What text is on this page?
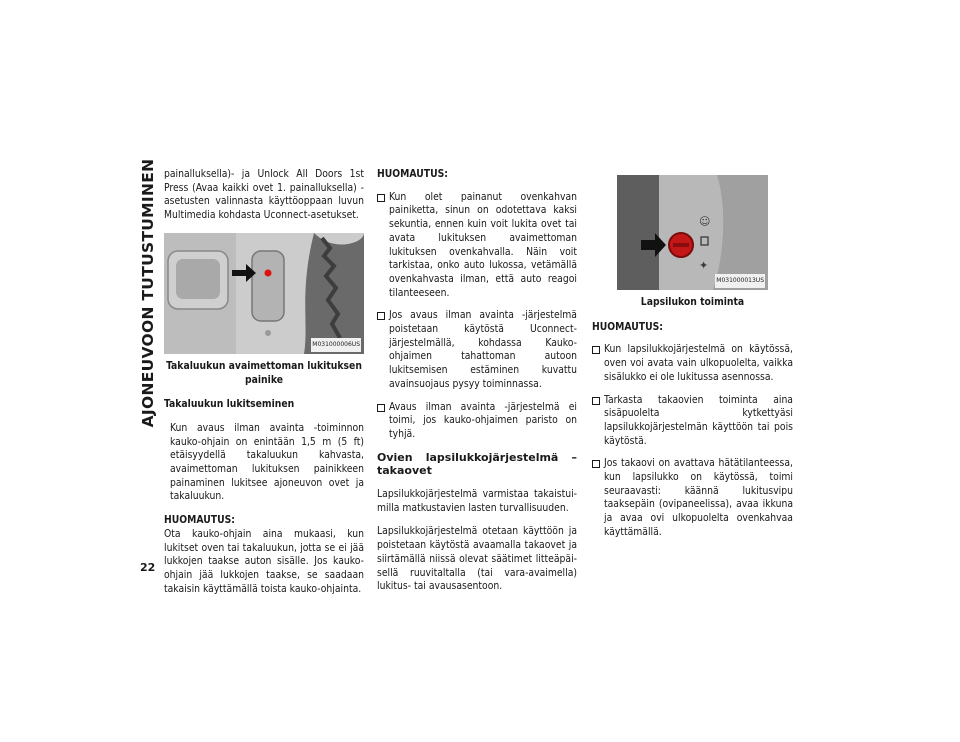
AJONEUVOON TUTUSTUMINEN
22

painalluksella)- ja Unlock All Doors 1st Press (Avaa kaikki ovet 1. painalluksella) -asetusten valinnasta käyttöoppaan luvun Multimedia kohdasta Uconnect-asetukset.

M031000006US

Takaluukun avaimettoman lukituksen painike

Takaluukun lukitseminen

Kun avaus ilman avainta -toiminnon kauko-ohjain on enintään 1,5 m (5 ft) etäisyydellä takaluukun kahvasta, avaimettoman lukituksen painikkeen painaminen lukitsee ajoneuvon ovet ja takaluukun.

HUOMAUTUS:

Ota kauko-ohjain aina mukaasi, kun lukitset oven tai takaluukun, jotta se ei jää lukkojen taakse auton sisälle. Jos kauko-ohjain jää lukkojen taakse, se saadaan takaisin käyttämällä toista kauko-ohjainta.

HUOMAUTUS:

Kun olet painanut ovenkahvan painiketta, sinun on odotettava kaksi sekuntia, ennen kuin voit lukita ovet tai avata lukituksen avaimettoman lukituksen ovenkahvalla. Näin voit tarkistaa, onko auto lukossa, vetämällä ovenkahvasta ilman, että auto reagoi tilanteeseen.
Jos avaus ilman avainta -järjestelmä poistetaan käytöstä Uconnect-järjestelmällä, kohdassa Kauko-ohjaimen tahattoman autoon lukitsemisen estäminen kuvattu avainsuojaus pysyy toiminnassa.
Avaus ilman avainta -järjestelmä ei toimi, jos kauko-ohjaimen paristo on tyhjä.

Ovien lapsilukkojärjestelmä – takaovet

Lapsilukkojärjestelmä varmistaa takaistuimilla matkustavien lasten turvallisuuden.

Lapsilukkojärjestelmä otetaan käyttöön ja poistetaan käytöstä avaamalla takaovet ja siirtämällä niissä olevat säätimet litteäpäisellä ruuvitaltalla (tai vara-avaimella) lukitus- tai avausasentoon.

☺
✦
M031000013US

Lapsilukon toiminta

HUOMAUTUS:

Kun lapsilukkojärjestelmä on käytössä, oven voi avata vain ulkopuolelta, vaikka sisälukko ei ole lukitussa asennossa.
Tarkasta takaovien toiminta aina sisäpuolelta kytkettyäsi lapsilukkojärjestelmän käyttöön tai pois käytöstä.
Jos takaovi on avattava hätätilanteessa, kun lapsilukko on käytössä, toimi seuraavasti: käännä lukitusvipu taaksepäin (ovipaneelissa), avaa ikkuna ja avaa ovi ulkopuolelta ovenkahvaa käyttämällä.
